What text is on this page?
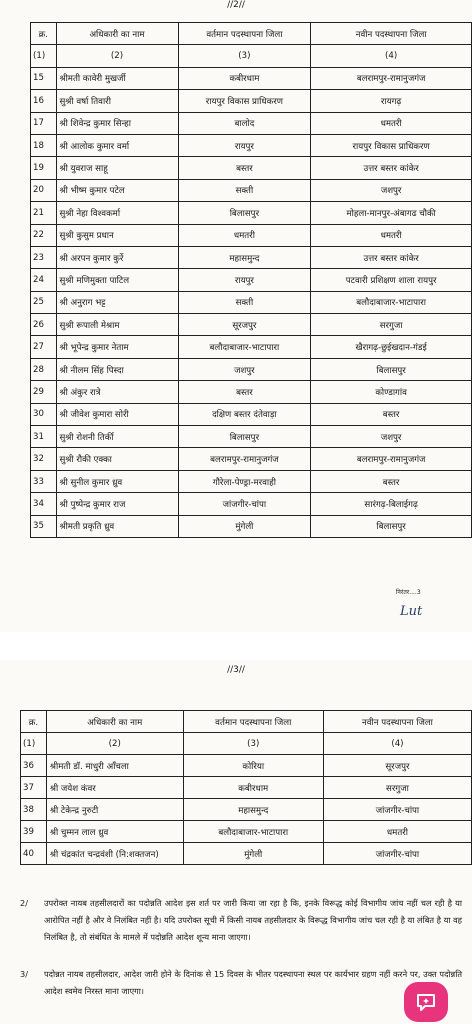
//2//
क्र.	अधिकारी का नाम	वर्तमान पदस्थापना जिला	नवीन पदस्थापना जिला
(1)	(2)	(3)	(4)
15	श्रीमती कावेरी मुखर्जी	कबीरधाम	बलरामपुर-रामानुजगंज
16	सुश्री वर्षा तिवारी	रायपुर विकास प्राधिकरण	रायगढ़
17	श्री शिवेन्द्र कुमार सिन्हा	बालोद	धमतरी
18	श्री आलोक कुमार वर्मा	रायपुर	रायपुर विकास प्राधिकरण
19	श्री युवराज साहू	बस्तर	उत्तर बस्तर कांकेर
20	श्री भीष्म कुमार पटेल	सक्ती	जशपुर
21	सुश्री नेहा विश्वकर्मा	बिलासपुर	मोहला-मानपुर-अंबागढ चौकी
22	सुश्री कुसुम प्रधान	धमतरी	धमतरी
23	श्री अरपन कुमार कुर्रे	महासमुन्द	उत्तर बस्तर कांकेर
24	सुश्री मणिमुक्ता पाटिल	रायपुर	पटवारी प्रशिक्षण शाला रायपुर
25	श्री अनुराग भट्ट	सक्ती	बलौदाबाजार-भाटापारा
26	सुश्री रूपाली मेश्राम	सूरजपुर	सरगुजा
27	श्री भूपेन्द्र कुमार नेताम	बलौदाबाजार-भाटापारा	खैरागढ़-छुईखदान-गंडई
28	श्री नीलम सिंह पिस्दा	जशपुर	बिलासपुर
29	श्री अंकुर रात्रे	बस्तर	कोण्डागांव
30	श्री जीवेश कुमारा सोरी	दक्षिण बस्तर दंतेवाड़ा	बस्तर
31	सुश्री रोशनी तिर्की	बिलासपुर	जशपुर
32	सुश्री रौकी एक्का	बलरामपुर-रामानुजगंज	बलरामपुर-रामानुजगंज
33	श्री सुनील कुमार ध्रुव	गौरेला-पेण्ड्रा-मरवाही	बस्तर
34	श्री पुष्पेन्द्र कुमार राज	जांजगीर-चांपा	सारंगढ़-बिलाईगढ़
35	श्रीमती प्रकृति ध्रुव	मुंगेली	बिलासपुर
निरंतर....3
Lut
//3//
क्र.	अधिकारी का नाम	वर्तमान पदस्थापना जिला	नवीन पदस्थापना जिला
(1)	(2)	(3)	(4)
36	श्रीमती डॉ. माधुरी आँचला	कोरिया	सूरजपुर
37	श्री जयेश कंवर	कबीरधाम	सरगुजा
38	श्री टेकेन्द्र नुरुटी	महासमुन्द	जांजगीर-चांपा
39	श्री चुम्मन लाल ध्रुव	बलौदाबाजार-भाटापारा	धमतरी
40	श्री चंद्रकांत चन्द्रवंशी (नि:शक्तजन)	मुंगेली	जांजगीर-चांपा
2/ उपरोक्त नायब तहसीलदारों का पदोन्नति आदेश इस शर्त पर जारी किया जा रहा है कि, इनके विरूद्ध कोई विभागीय जांच नहीं चल रही है या आरोपित नहीं है और वे निलंबित नहीं है। यदि उपरोक्त सूची में किसी नायब तहसीलदार के विरूद्ध विभागीय जांच चल रही है या लंबित है या वह निलंबित है, तो संबंधित के मामले में पदोन्नति आदेश शून्य माना जाएगा।
3/ पदोन्नत नायब तहसीलदार, आदेश जारी होने के दिनांक से 15 दिवस के भीतर पदस्थापना स्थल पर कार्यभार ग्रहण नहीं करने पर, उक्त पदोन्नति आदेश स्वमेव निरस्त माना जाएगा।
